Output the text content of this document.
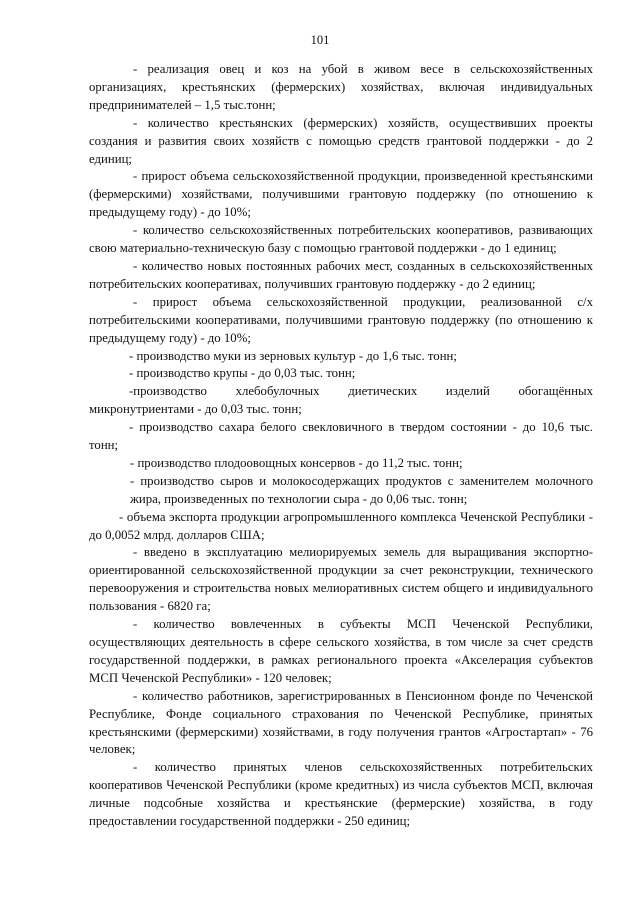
101

- реализация овец и коз на убой в живом весе в сельскохозяйственных организациях, крестьянских (фермерских) хозяйствах, включая индивидуальных предпринимателей – 1,5 тыс.тонн;

- количество крестьянских (фермерских) хозяйств, осуществивших проекты создания и развития своих хозяйств с помощью средств грантовой поддержки - до 2 единиц;

- прирост объема сельскохозяйственной продукции, произведенной крестьянскими (фермерскими) хозяйствами, получившими грантовую поддержку (по отношению к предыдущему году) - до 10%;

- количество сельскохозяйственных потребительских кооперативов, развивающих свою материально-техническую базу с помощью грантовой поддержки - до 1 единиц;

- количество новых постоянных рабочих мест, созданных в сельскохозяйственных потребительских кооперативах, получивших грантовую поддержку - до 2 единиц;

- прирост объема сельскохозяйственной продукции, реализованной с/х потребительскими кооперативами, получившими грантовую поддержку (по отношению к предыдущему году) - до 10%;

- производство муки из зерновых культур - до 1,6 тыс. тонн;

- производство крупы - до 0,03 тыс. тонн;

-производство хлебобулочных диетических изделий обогащённых микронутриентами - до 0,03 тыс. тонн;

- производство сахара белого свекловичного в твердом состоянии - до 10,6 тыс. тонн;

- производство плодоовощных консервов - до 11,2 тыс. тонн;

- производство сыров и молокосодержащих продуктов с заменителем молочного жира, произведенных по технологии сыра - до 0,06 тыс. тонн;

- объема экспорта продукции агропромышленного комплекса Чеченской Республики - до 0,0052 млрд. долларов США;

- введено в эксплуатацию мелиорируемых земель для выращивания экспортно-ориентированной сельскохозяйственной продукции за счет реконструкции, технического перевооружения и строительства новых мелиоративных систем общего и индивидуального пользования - 6820 га;

- количество вовлеченных в субъекты МСП Чеченской Республики, осуществляющих деятельность в сфере сельского хозяйства, в том числе за счет средств государственной поддержки, в рамках регионального проекта «Акселерация субъектов МСП Чеченской Республики» - 120 человек;

- количество работников, зарегистрированных в Пенсионном фонде по Чеченской Республике, Фонде социального страхования по Чеченской Республике, принятых крестьянскими (фермерскими) хозяйствами, в году получения грантов «Агростартап» - 76 человек;

- количество принятых членов сельскохозяйственных потребительских кооперативов Чеченской Республики (кроме кредитных) из числа субъектов МСП, включая личные подсобные хозяйства и крестьянские (фермерские) хозяйства, в году предоставлении государственной поддержки - 250 единиц;
